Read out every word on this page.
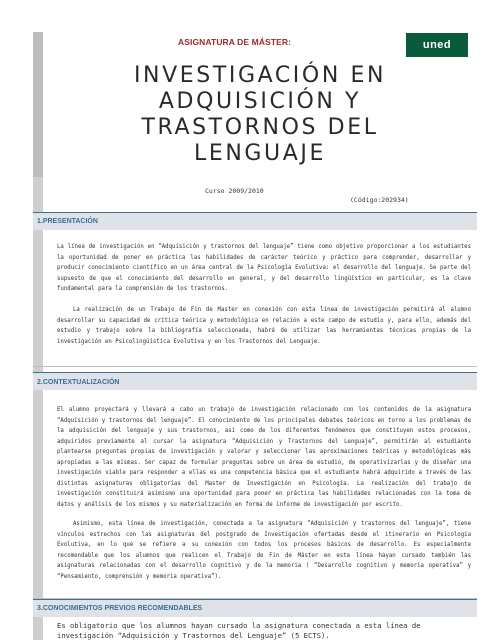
ASIGNATURA DE MÁSTER:	uned
INVESTIGACIÓN EN
ADQUISICIÓN Y
TRASTORNOS DEL
LENGUAJE
Curso 2009/2010
(Código:202934)
1.PRESENTACIÓN
La línea de investigación en “Adquisición y trastornos del lenguaje” tiene como objetivo proporcionar a los estudiantes la oportunidad de poner en práctica las habilidades de carácter teórico y práctico para comprender, desarrollar y producir conocimiento científico en un área central de la Psicología Evolutiva: el desarrollo del lenguaje. Se parte del supuesto de que el conocimiento del desarrollo en general, y del desarrollo lingüístico en particular, es la clave fundamental para la comprensión de los trastornos.
La realización de un Trabajo de Fin de Master en conexión con esta línea de investigación permitirá al alumno desarrollar su capacidad de crítica teórica y metodológica en relación a este campo de estudio y, para ello, además del estudio y trabajo sobre la bibliografía seleccionada, habrá de utilizar las herramientas técnicas propias de la investigación en Psicolingüística Evolutiva y en los Trastornos del Lenguaje.
2.CONTEXTUALIZACIÓN
El alumno proyectará y llevará a cabo un trabajo de investigación relacionado con los contenidos de la asignatura “Adquisición y trastornos del lenguaje”. El conocimiento de los principales debates teóricos en torno a los problemas de la adquisición del lenguaje y sus trastornos, así como de los diferentes fenómenos que constituyen estos procesos, adquiridos previamente al cursar la asignatura “Adquisición y Trastornos del Lenguaje”, permitirán al estudiante plantearse preguntas propias de investigación y valorar y seleccionar las aproximaciones teóricas y metodológicas más apropiadas a las mismas. Ser capaz de formular preguntas sobre un área de estudio, de operativizarlas y de diseñar una investigación viable para responder a ellas es una competencia básica que el estudiante habrá adquirido a través de las distintas asignaturas obligatorias del Master de Investigación en Psicología. La realización del trabajo de investigación constituirá asimismo una oportunidad para poner en práctica las habilidades relacionadas con la toma de datos y análisis de los mismos y su materialización en forma de informe de investigación por escrito.
Asimismo, esta línea de investigación, conectada a la asignatura “Adquisición y trastornos del lenguaje”, tiene vínculos estrechos con las asignaturas del postgrado de Investigación ofertadas desde el itinerario en Psicología Evolutiva, en lo que se refiere a su conexión con todos los procesos básicos de desarrollo. Es especialmente recomendable que los alumnos que realicen el Trabajo de Fin de Máster en esta línea hayan cursado también las asignaturas relacionadas con el desarrollo cognitivo y de la memoria ( “Desarrollo cognitivo y memoria operativa” y “Pensamiento, comprensión y memoria operativa”).
3.CONOCIMIENTOS PREVIOS RECOMENDABLES
Es obligatorio que los alumnos hayan cursado la asignatura conectada a esta línea de investigación “Adquisición y Trastornos del Lenguaje” (5 ECTS).
